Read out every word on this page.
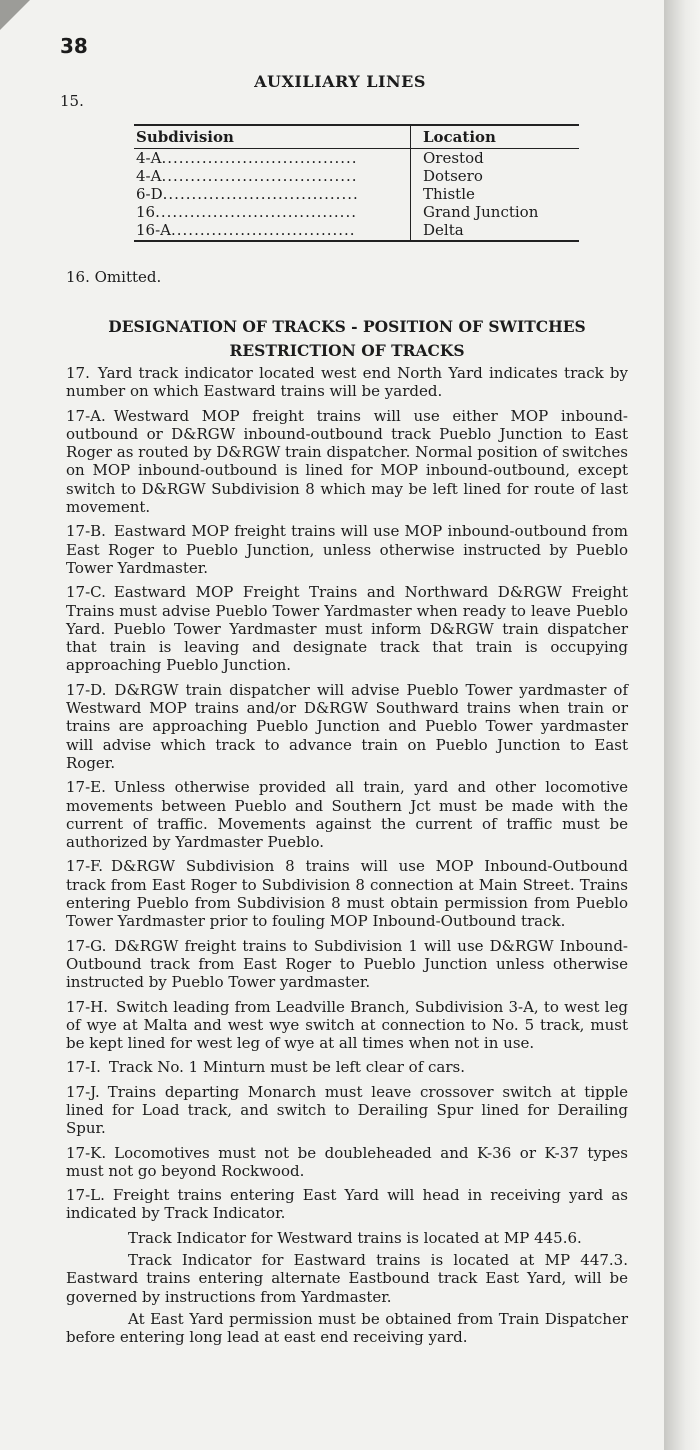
38
AUXILIARY LINES
15.
Subdivision	Location
4-A..................................	Orestod
4-A..................................	Dotsero
6-D..................................	Thistle
16...................................	Grand Junction
16-A................................	Delta
16. Omitted.
DESIGNATION OF TRACKS - POSITION OF SWITCHES
RESTRICTION OF TRACKS

17. Yard track indicator located west end North Yard indicates track by number on which Eastward trains will be yarded.

17-A. Westward MOP freight trains will use either MOP inbound-outbound or D&RGW inbound-outbound track Pueblo Junction to East Roger as routed by D&RGW train dispatcher. Normal position of switches on MOP inbound-outbound is lined for MOP inbound-outbound, except switch to D&RGW Subdivision 8 which may be left lined for route of last movement.

17-B. Eastward MOP freight trains will use MOP inbound-outbound from East Roger to Pueblo Junction, unless otherwise instructed by Pueblo Tower Yardmaster.

17-C. Eastward MOP Freight Trains and Northward D&RGW Freight Trains must advise Pueblo Tower Yardmaster when ready to leave Pueblo Yard. Pueblo Tower Yardmaster must inform D&RGW train dispatcher that train is leaving and designate track that train is occupying approaching Pueblo Junction.

17-D. D&RGW train dispatcher will advise Pueblo Tower yardmaster of Westward MOP trains and/or D&RGW Southward trains when train or trains are approaching Pueblo Junction and Pueblo Tower yardmaster will advise which track to advance train on Pueblo Junction to East Roger.

17-E. Unless otherwise provided all train, yard and other locomotive movements between Pueblo and Southern Jct must be made with the current of traffic. Movements against the current of traffic must be authorized by Yardmaster Pueblo.

17-F. D&RGW Subdivision 8 trains will use MOP Inbound-Outbound track from East Roger to Subdivision 8 connection at Main Street. Trains entering Pueblo from Subdivision 8 must obtain permission from Pueblo Tower Yardmaster prior to fouling MOP Inbound-Outbound track.

17-G. D&RGW freight trains to Subdivision 1 will use D&RGW Inbound-Outbound track from East Roger to Pueblo Junction unless otherwise instructed by Pueblo Tower yardmaster.

17-H. Switch leading from Leadville Branch, Subdivision 3-A, to west leg of wye at Malta and west wye switch at connection to No. 5 track, must be kept lined for west leg of wye at all times when not in use.

17-I. Track No. 1 Minturn must be left clear of cars.

17-J. Trains departing Monarch must leave crossover switch at tipple lined for Load track, and switch to Derailing Spur lined for Derailing Spur.

17-K. Locomotives must not be doubleheaded and K-36 or K-37 types must not go beyond Rockwood.

17-L. Freight trains entering East Yard will head in receiving yard as indicated by Track Indicator.

Track Indicator for Westward trains is located at MP 445.6.

Track Indicator for Eastward trains is located at MP 447.3. Eastward trains entering alternate Eastbound track East Yard, will be governed by instructions from Yardmaster.

At East Yard permission must be obtained from Train Dispatcher before entering long lead at east end receiving yard.
